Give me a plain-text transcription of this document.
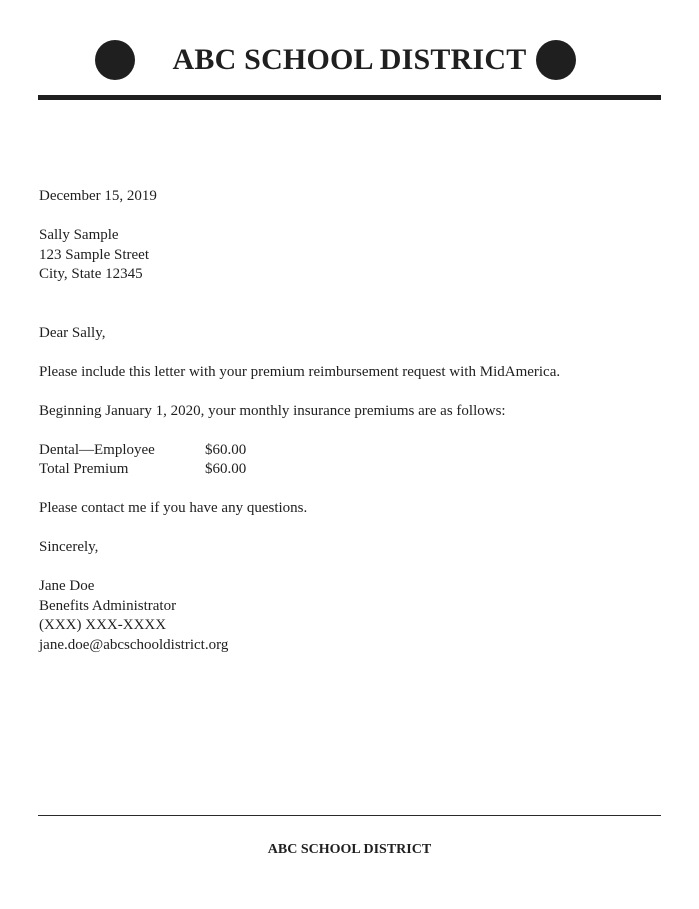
ABC SCHOOL DISTRICT
December 15, 2019
Sally Sample
123 Sample Street
City, State 12345
Dear Sally,
Please include this letter with your premium reimbursement request with MidAmerica.
Beginning January 1, 2020, your monthly insurance premiums are as follows:
Dental—Employee	$60.00
Total Premium	$60.00
Please contact me if you have any questions.
Sincerely,
Jane Doe
Benefits Administrator
(XXX) XXX-XXXX
jane.doe@abcschooldistrict.org
ABC SCHOOL DISTRICT
